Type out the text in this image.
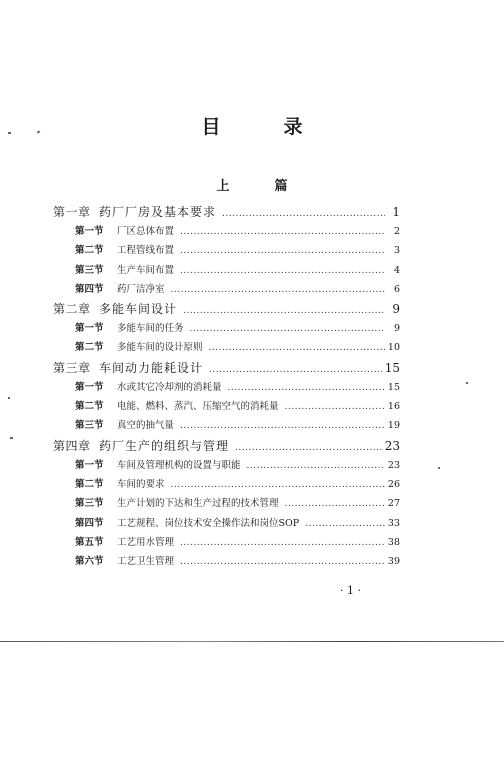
目　录
上　篇
第一章 药厂厂房及基本要求 .....	1
第一节	厂区总体布置 .....	2
第二节	工程管线布置 .....	3
第三节	生产车间布置 .....	4
第四节	药厂洁净室 .....	6
第二章 多能车间设计 .....	9
第一节	多能车间的任务 .....	9
第二节	多能车间的设计原则 .....	10
第三章 车间动力能耗设计 .....	15
第一节	水或其它冷却剂的消耗量 .....	15
第二节	电能、燃料、蒸汽、压缩空气的消耗量 .....	16
第三节	真空的抽气量 .....	19
第四章 药厂生产的组织与管理 .....	23
第一节	车间及管理机构的设置与职能 .....	23
第二节	车间的要求 .....	26
第三节	生产计划的下达和生产过程的技术管理 .....	27
第四节	工艺规程、岗位技术安全操作法和岗位SOP .....	33
第五节	工艺用水管理 .....	38
第六节	工艺卫生管理 .....	39
· 1 ·
